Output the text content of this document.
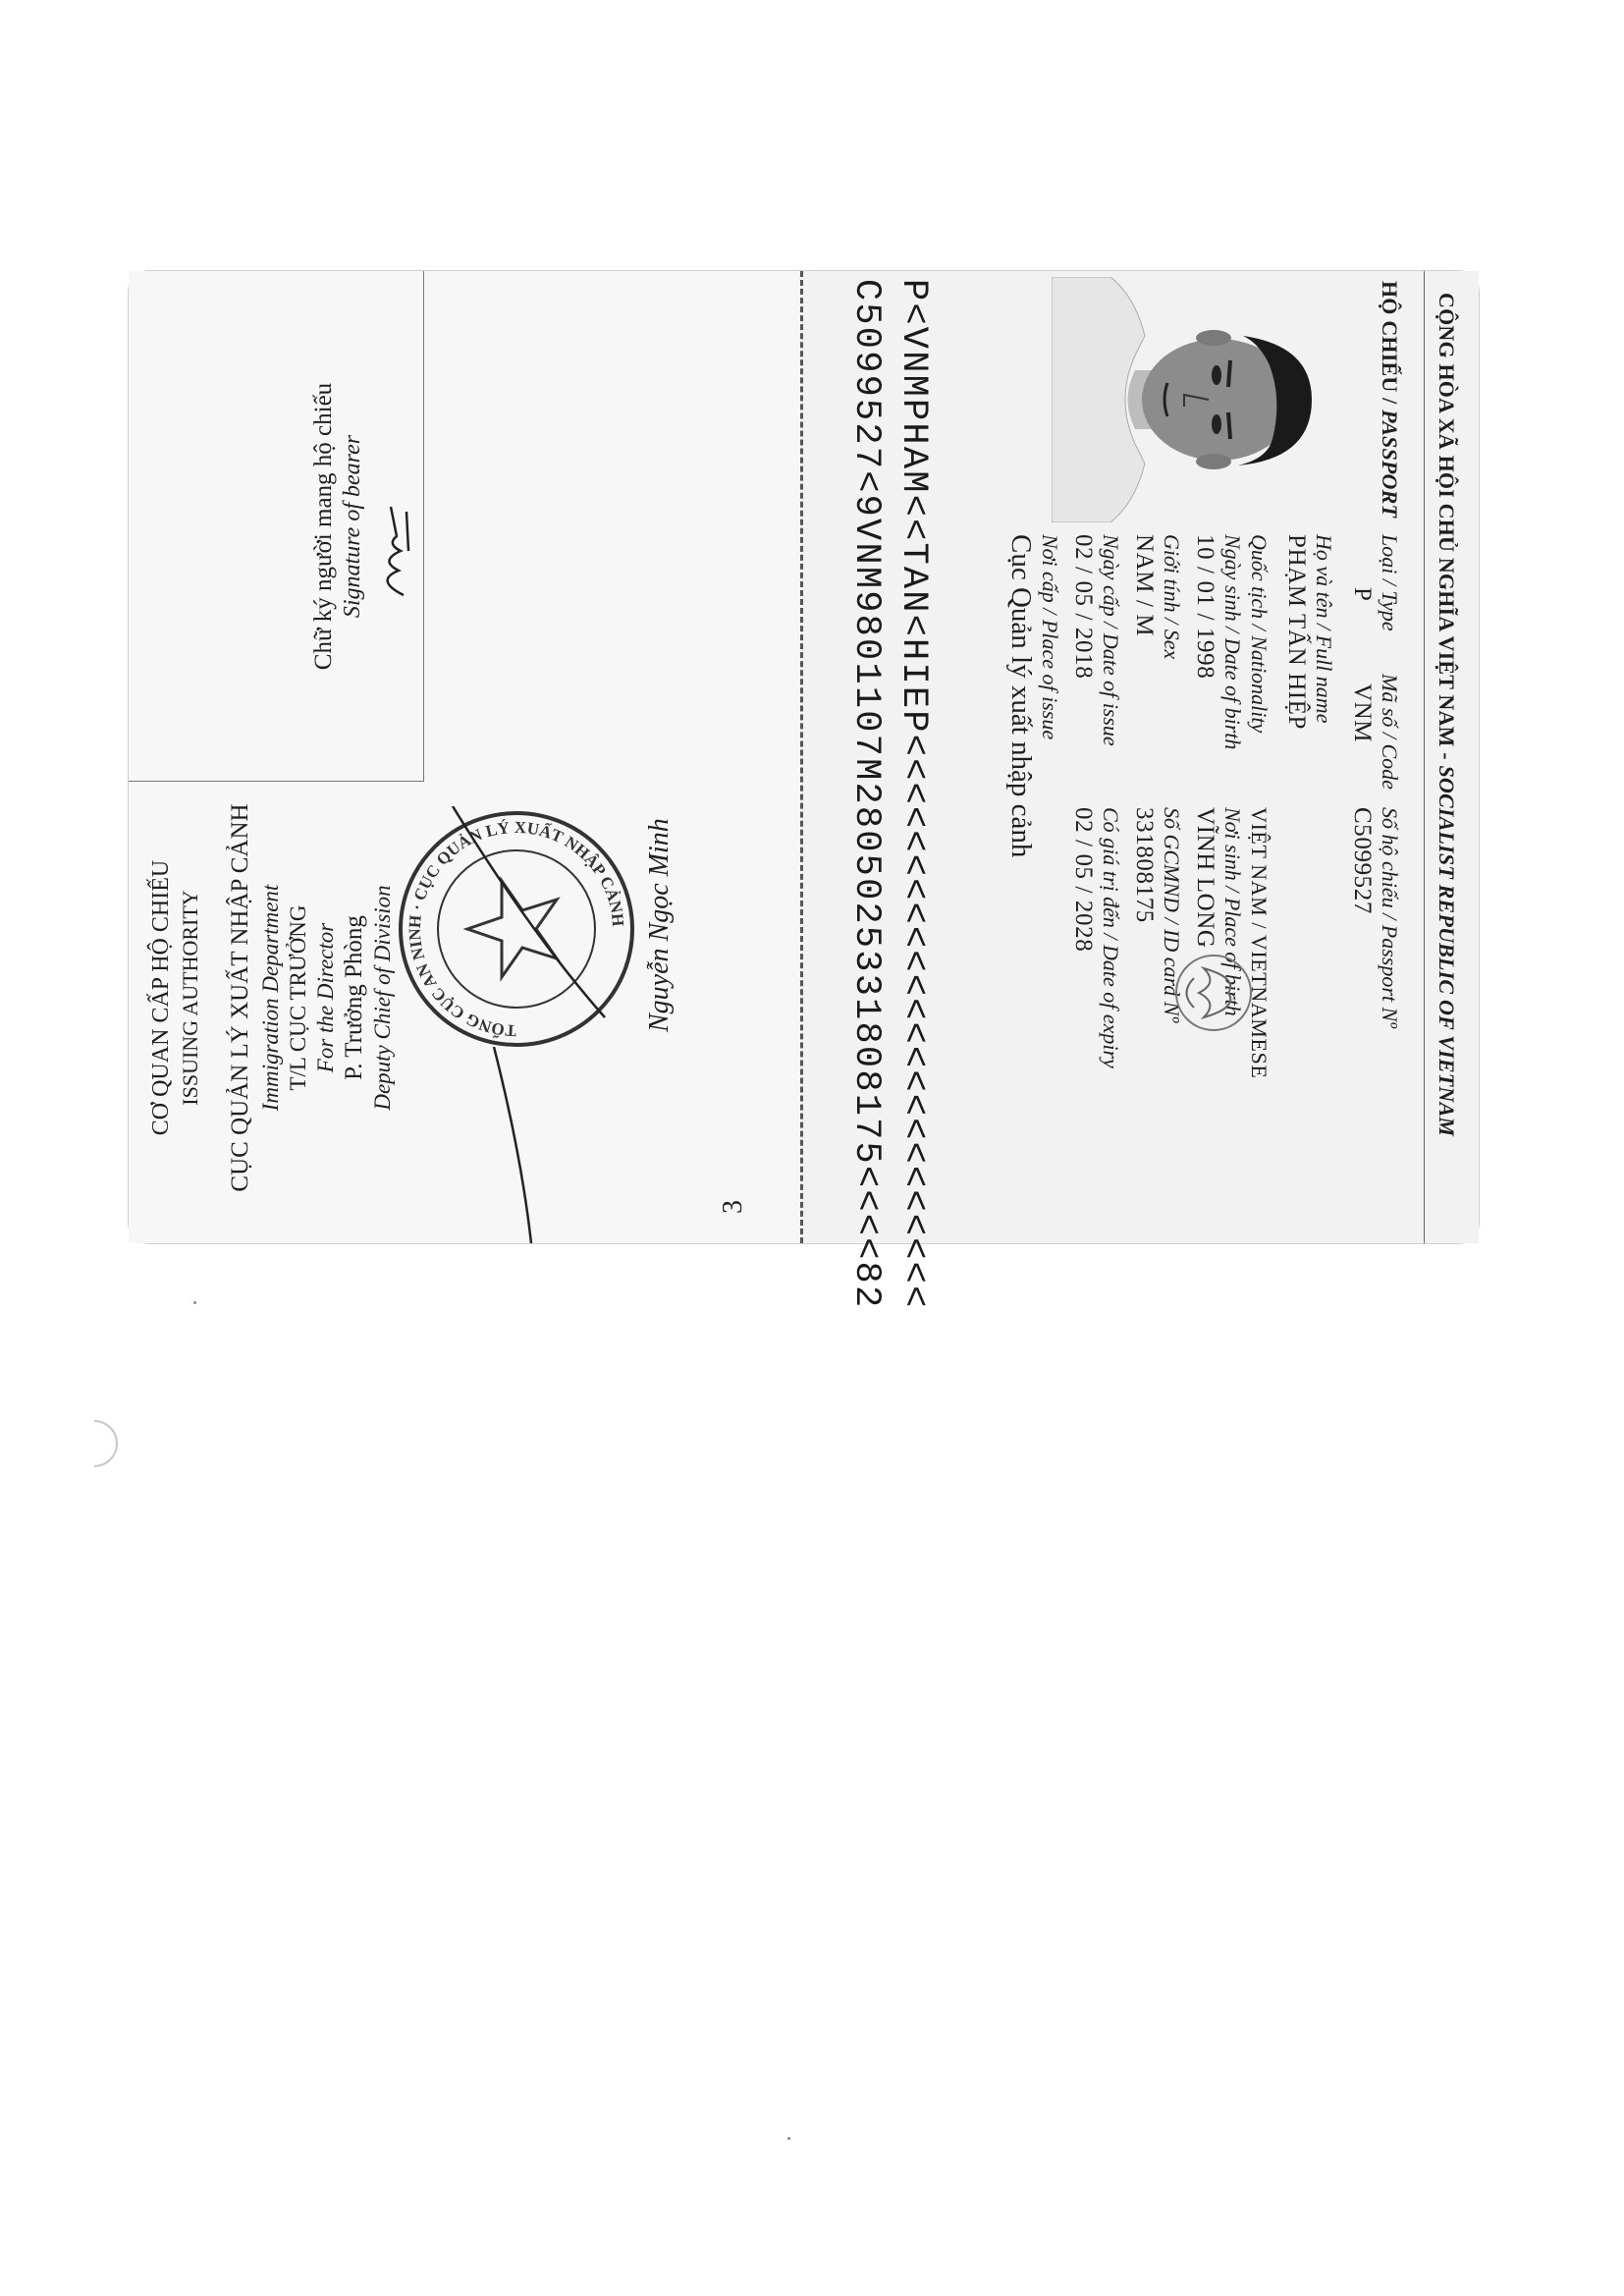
CỘNG HÒA XÃ HỘI CHỦ NGHĨA VIỆT NAM - SOCIALIST REPUBLIC OF VIETNAM
HỘ CHIẾU / PASSPORT
Loại / Type
Mã số / Code
Số hộ chiếu / Passport Nº
P
VNM
C5099527
Họ và tên / Full name
PHẠM TẤN HIỆP
Quốc tịch / Nationality
VIỆT NAM / VIETNAMESE
Ngày sinh / Date of birth
Nơi sinh / Place of birth
10 / 01 / 1998
VĨNH LONG
Giới tính / Sex
Số GCMND / ID card Nº
NAM / M
331808175
Ngày cấp / Date of issue
Có giá trị đến / Date of expiry
02 / 05 / 2018
02 / 05 / 2028
Nơi cấp / Place of issue
Cục Quản lý xuất nhập cảnh
P<VNMPHAM<<TAN<HIEP<<<<<<<<<<<<<<<<<<<<<<<<
C5099527<9VNM9801107M2805025331808175<<<<82
3
CƠ QUAN CẤP HỘ CHIẾU ISSUING AUTHORITY CỤC QUẢN LÝ XUẤT NHẬP CẢNH Immigration Department T/L CỤC TRƯỞNG For the Director P. Trưởng Phòng Deputy Chief of Division	TỔNG CỤC AN NINH · CỤC QUẢN LÝ XUẤT NHẬP CẢNH Nguyễn Ngọc Minh
Chữ ký người mang hộ chiếu Signature of bearer
